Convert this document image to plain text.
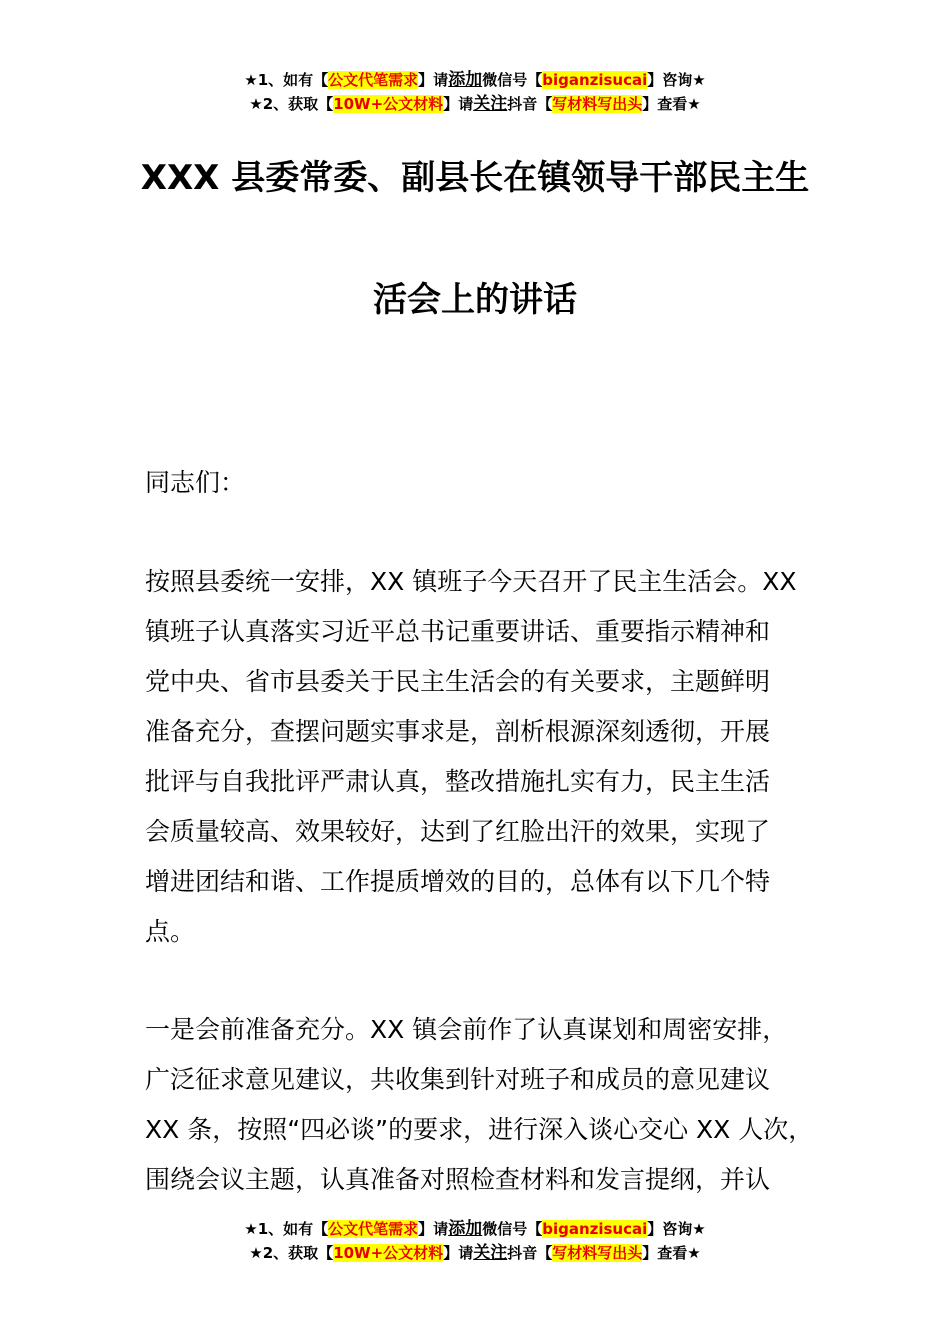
★1、如有【公文代笔需求】请添加微信号【biganzisucai】咨询★
★2、获取【10W+公文材料】请关注抖音【写材料写出头】查看★
XXX 县委常委、副县长在镇领导干部民主生
活会上的讲话
同志们：
按照县委统一安排，XX 镇班子今天召开了民主生活会。XX
镇班子认真落实习近平总书记重要讲话、重要指示精神和
党中央、省市县委关于民主生活会的有关要求，主题鲜明
准备充分，查摆问题实事求是，剖析根源深刻透彻，开展
批评与自我批评严肃认真，整改措施扎实有力，民主生活
会质量较高、效果较好，达到了红脸出汗的效果，实现了
增进团结和谐、工作提质增效的目的，总体有以下几个特
点。
一是会前准备充分。XX 镇会前作了认真谋划和周密安排，
广泛征求意见建议，共收集到针对班子和成员的意见建议
XX 条，按照“四必谈”的要求，进行深入谈心交心 XX 人次，
围绕会议主题，认真准备对照检查材料和发言提纲，并认
★1、如有【公文代笔需求】请添加微信号【biganzisucai】咨询★
★2、获取【10W+公文材料】请关注抖音【写材料写出头】查看★
